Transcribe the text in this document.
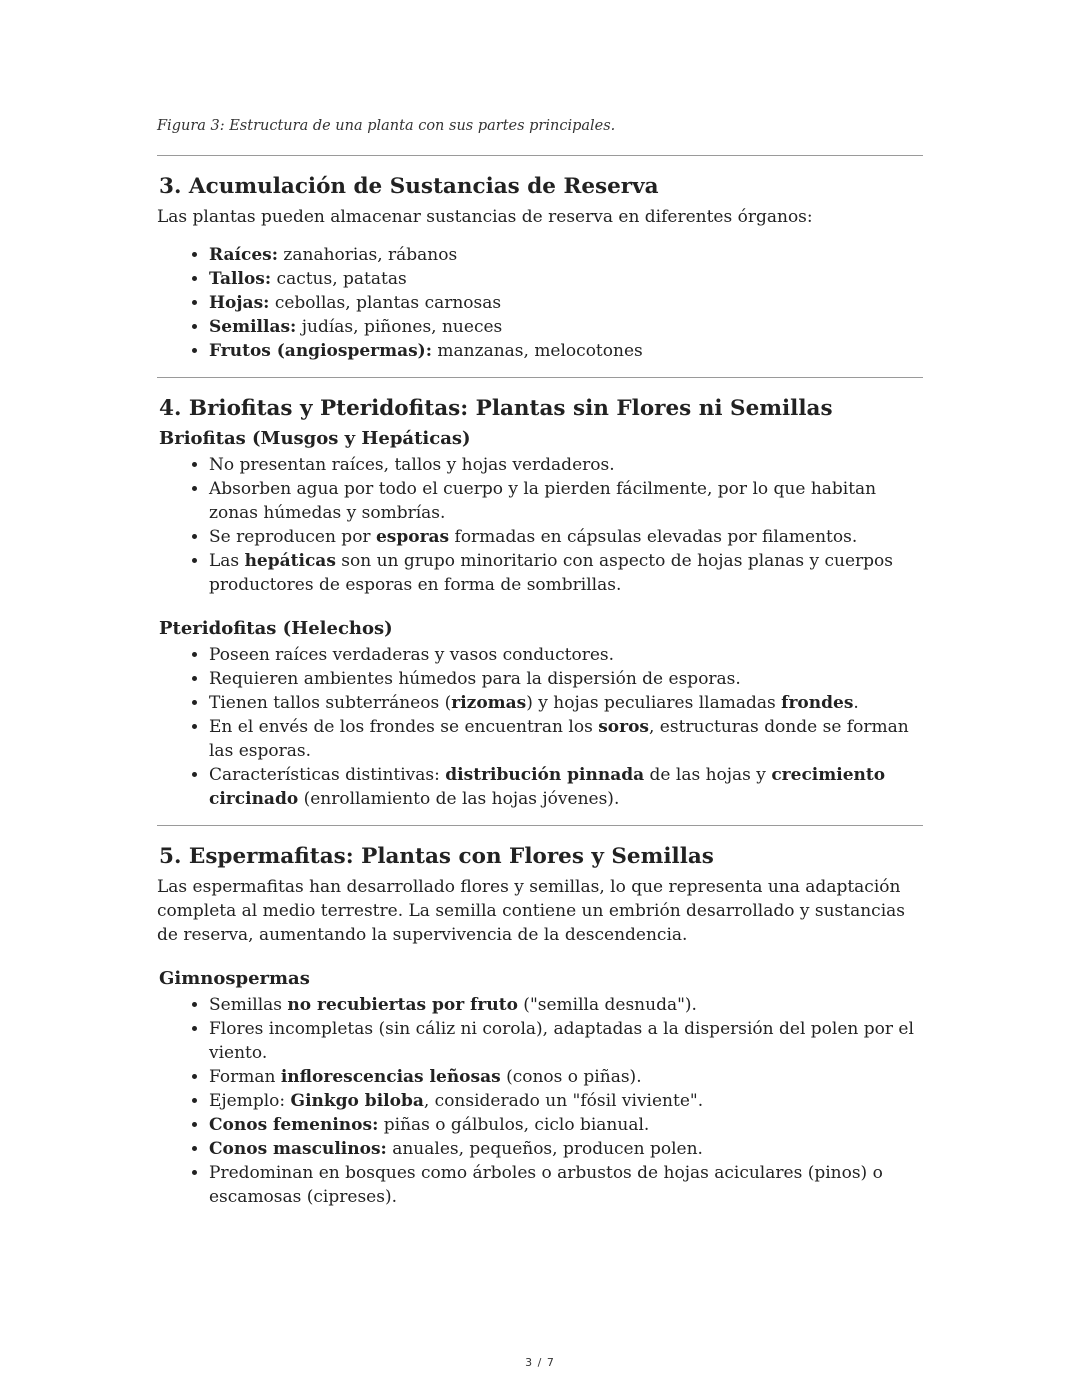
Figura 3: Estructura de una planta con sus partes principales.

3. Acumulación de Sustancias de Reserva

Las plantas pueden almacenar sustancias de reserva en diferentes órganos:

• Raíces: zanahorias, rábanos
• Tallos: cactus, patatas
• Hojas: cebollas, plantas carnosas
• Semillas: judías, piñones, nueces
• Frutos (angiospermas): manzanas, melocotones
4. Briofitas y Pteridofitas: Plantas sin Flores ni Semillas
Briofitas (Musgos y Hepáticas)
• No presentan raíces, tallos y hojas verdaderos.
• Absorben agua por todo el cuerpo y la pierden fácilmente, por lo que habitan zonas húmedas y sombrías.
• Se reproducen por esporas formadas en cápsulas elevadas por filamentos.
• Las hepáticas son un grupo minoritario con aspecto de hojas planas y cuerpos productores de esporas en forma de sombrillas.
Pteridofitas (Helechos)
• Poseen raíces verdaderas y vasos conductores.
• Requieren ambientes húmedos para la dispersión de esporas.
• Tienen tallos subterráneos (rizomas) y hojas peculiares llamadas frondes.
• En el envés de los frondes se encuentran los soros, estructuras donde se forman las esporas.
• Características distintivas: distribución pinnada de las hojas y crecimiento circinado (enrollamiento de las hojas jóvenes).
5. Espermafitas: Plantas con Flores y Semillas

Las espermafitas han desarrollado flores y semillas, lo que representa una adaptación completa al medio terrestre. La semilla contiene un embrión desarrollado y sustancias de reserva, aumentando la supervivencia de la descendencia.

Gimnospermas
• Semillas no recubiertas por fruto ("semilla desnuda").
• Flores incompletas (sin cáliz ni corola), adaptadas a la dispersión del polen por el viento.
• Forman inflorescencias leñosas (conos o piñas).
• Ejemplo: Ginkgo biloba, considerado un "fósil viviente".
• Conos femeninos: piñas o gálbulos, ciclo bianual.
• Conos masculinos: anuales, pequeños, producen polen.
• Predominan en bosques como árboles o arbustos de hojas aciculares (pinos) o escamosas (cipreses).
3 / 7
